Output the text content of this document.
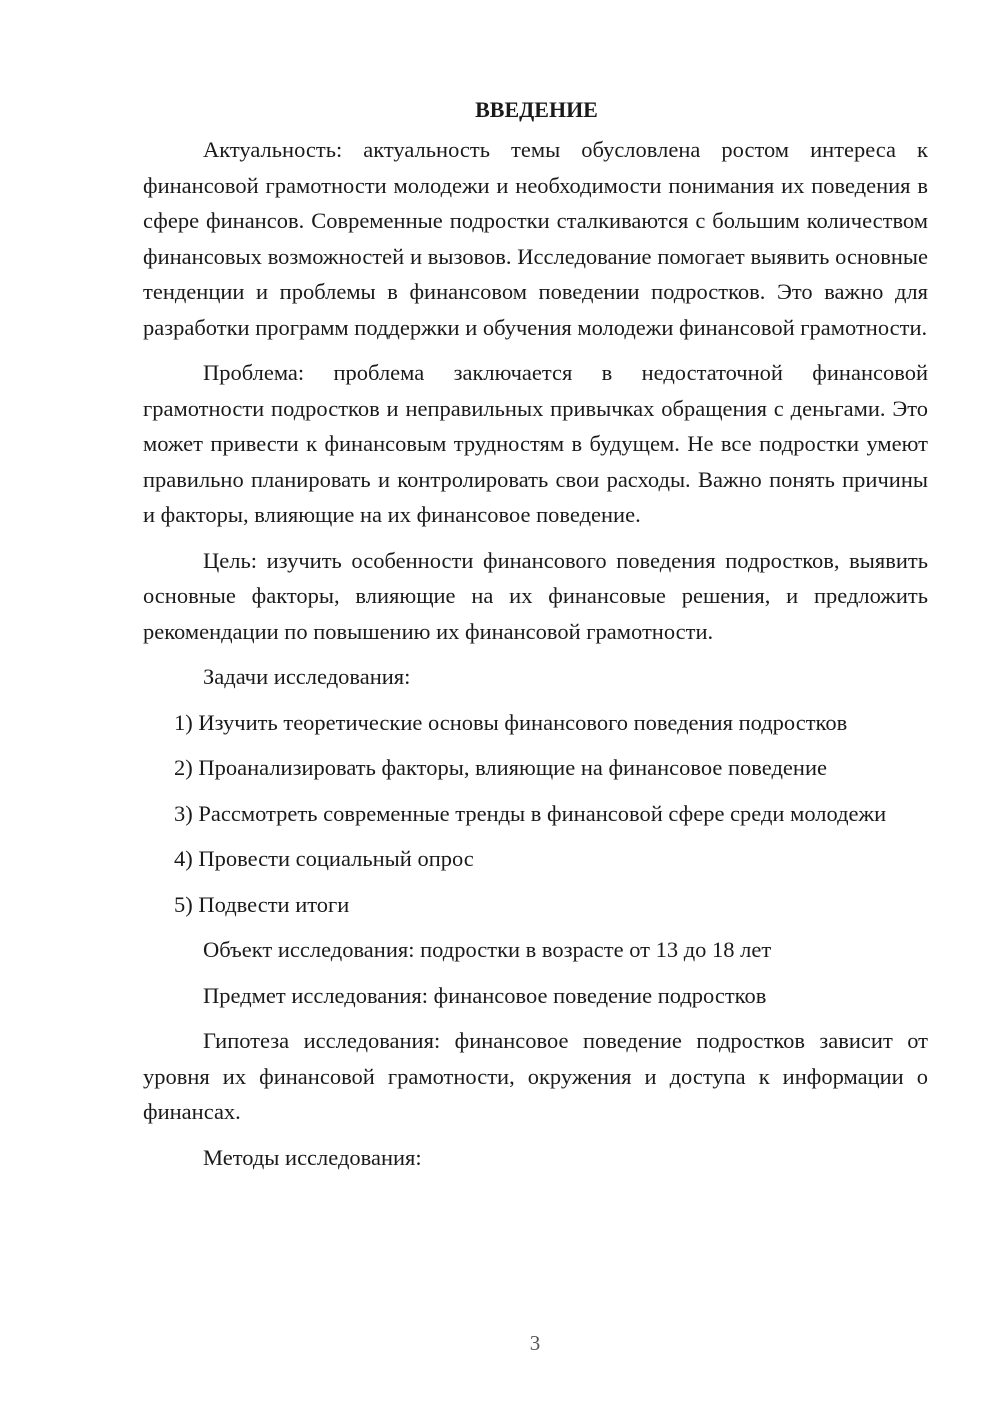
ВВЕДЕНИЕ

Актуальность: актуальность темы обусловлена ростом интереса к финансовой грамотности молодежи и необходимости понимания их поведения в сфере финансов. Современные подростки сталкиваются с большим количеством финансовых возможностей и вызовов. Исследование помогает выявить основные тенденции и проблемы в финансовом поведении подростков. Это важно для разработки программ поддержки и обучения молодежи финансовой грамотности.

Проблема: проблема заключается в недостаточной финансовой грамотности подростков и неправильных привычках обращения с деньгами. Это может привести к финансовым трудностям в будущем. Не все подростки умеют правильно планировать и контролировать свои расходы. Важно понять причины и факторы, влияющие на их финансовое поведение.

Цель: изучить особенности финансового поведения подростков, выявить основные факторы, влияющие на их финансовые решения, и предложить рекомендации по повышению их финансовой грамотности.

Задачи исследования:

1) Изучить теоретические основы финансового поведения подростков

2) Проанализировать факторы, влияющие на финансовое поведение

3) Рассмотреть современные тренды в финансовой сфере среди молодежи

4) Провести социальный опрос

5) Подвести итоги

Объект исследования: подростки в возрасте от 13 до 18 лет

Предмет исследования: финансовое поведение подростков

Гипотеза исследования: финансовое поведение подростков зависит от уровня их финансовой грамотности, окружения и доступа к информации о финансах.

Методы исследования:

3
